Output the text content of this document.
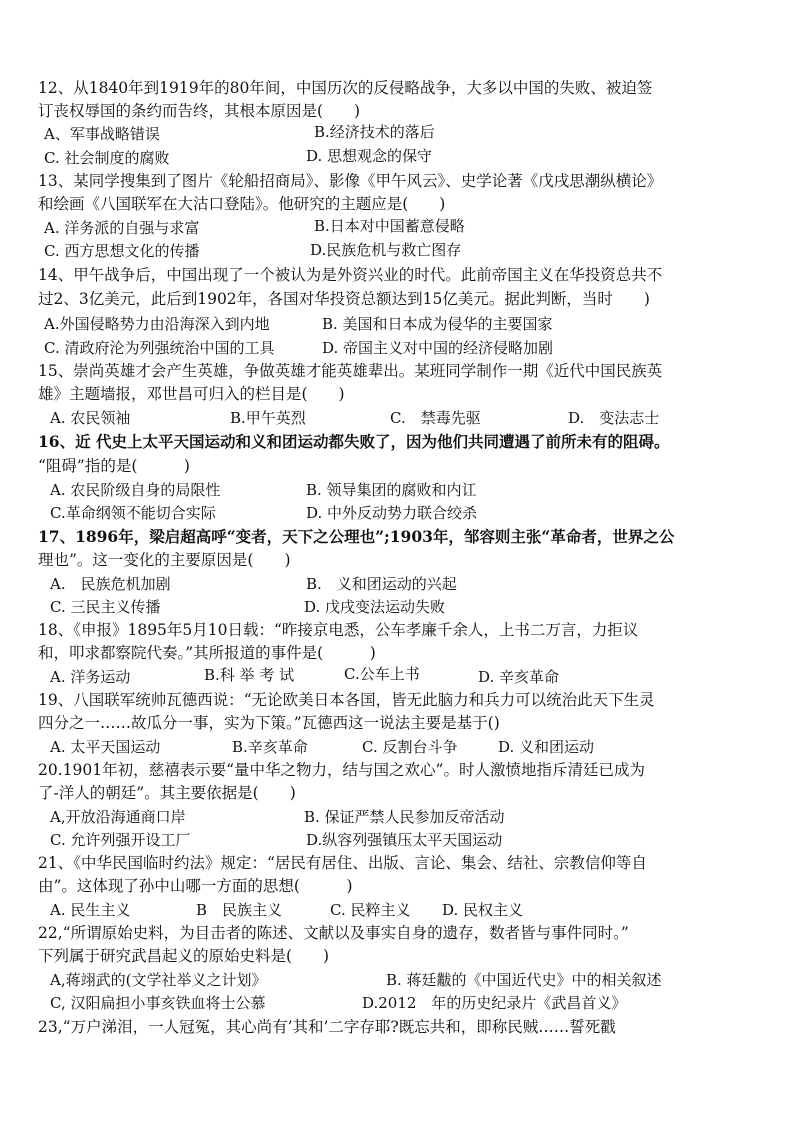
12、从1840年到1919年的80年间，中国历次的反侵略战争，大多以中国的失败、被迫签
订丧权辱国的条约而告终，其根本原因是(　　)
A、军事战略错误	B.经济技术的落后
C. 社会制度的腐败	D. 思想观念的保守
13、某同学搜集到了图片《轮船招商局》、影像《甲午风云》、史学论著《戊戌思潮纵横论》
和绘画《八国联军在大沽口登陆》。他研究的主题应是(　　)
A. 洋务派的自强与求富	B.日本对中国蓄意侵略
C. 西方思想文化的传播	D.民族危机与救亡图存
14、甲午战争后，中国出现了一个被认为是外资兴业的时代。此前帝国主义在华投资总共不
过2、3亿美元，此后到1902年，各国对华投资总额达到15亿美元。据此判断，当时　　)
A.外国侵略势力由沿海深入到内地	B. 美国和日本成为侵华的主要国家
C. 清政府沦为列强统治中国的工具	D. 帝国主义对中国的经济侵略加剧
15、崇尚英雄才会产生英雄，争做英雄才能英雄辈出。某班同学制作一期《近代中国民族英
雄》主题墙报，邓世昌可归入的栏目是(　　)
A. 农民领袖	B.甲午英烈	C.　禁毒先驱	D.　变法志士
16、近 代史上太平天国运动和义和团运动都失败了，因为他们共同遭遇了前所未有的阻碍。
“阻碍”指的是(　　　)
A. 农民阶级自身的局限性	B. 领导集团的腐败和内讧
C.革命纲领不能切合实际	D. 中外反动势力联合绞杀
17、1896年，梁启超高呼“变者，天下之公理也”;1903年，邹容则主张“革命者，世界之公
理也”。这一变化的主要原因是(　　)
A.　民族危机加剧	B.　义和团运动的兴起
C. 三民主义传播	D. 戊戌变法运动失败
18、《申报》1895年5月10日载：“昨接京电悉，公车孝廉千余人，上书二万言，力拒议
和，叩求都察院代奏。”其所报道的事件是(　　　)
A. 洋务运动	B.科 举 考 试	C.公车上书	D. 辛亥革命
19、八国联军统帅瓦德西说：“无论欧美日本各国，皆无此脑力和兵力可以统治此天下生灵
四分之一……故瓜分一事，实为下策。”瓦德西这一说法主要是基于()
A. 太平天国运动	B.辛亥革命	C. 反割台斗争	D. 义和团运动
20.1901年初，慈禧表示要“量中华之物力，结与国之欢心”。时人激愤地指斥清廷已成为
了-洋人的朝廷”。其主要依据是(　　)
A,开放沿海通商口岸	B. 保证严禁人民参加反帝活动
C. 允许列强开设工厂	D.纵容列强镇压太平天国运动
21、《中华民国临时约法》规定：“居民有居住、出版、言论、集会、结社、宗教信仰等自
由”。这体现了孙中山哪一方面的思想(　　　)
A. 民生主义	B　民族主义	C. 民粹主义 D. 民权主义
22,“所谓原始史料，为目击者的陈述、文献以及事实自身的遗存，数者皆与事件同时。”
下列属于研究武昌起义的原始史料是(　　)
A,蒋翊武的(文学社举义之计划》	B. 蒋廷黻的《中国近代史》中的相关叙述
C, 汉阳扁担小事亥铁血将士公慕	D.2012　年的历史纪录片《武昌首义》
23,“万户涕泪，一人冠冤，其心尚有’其和’二字存耶?既忘共和，即称民贼……誓死戳
